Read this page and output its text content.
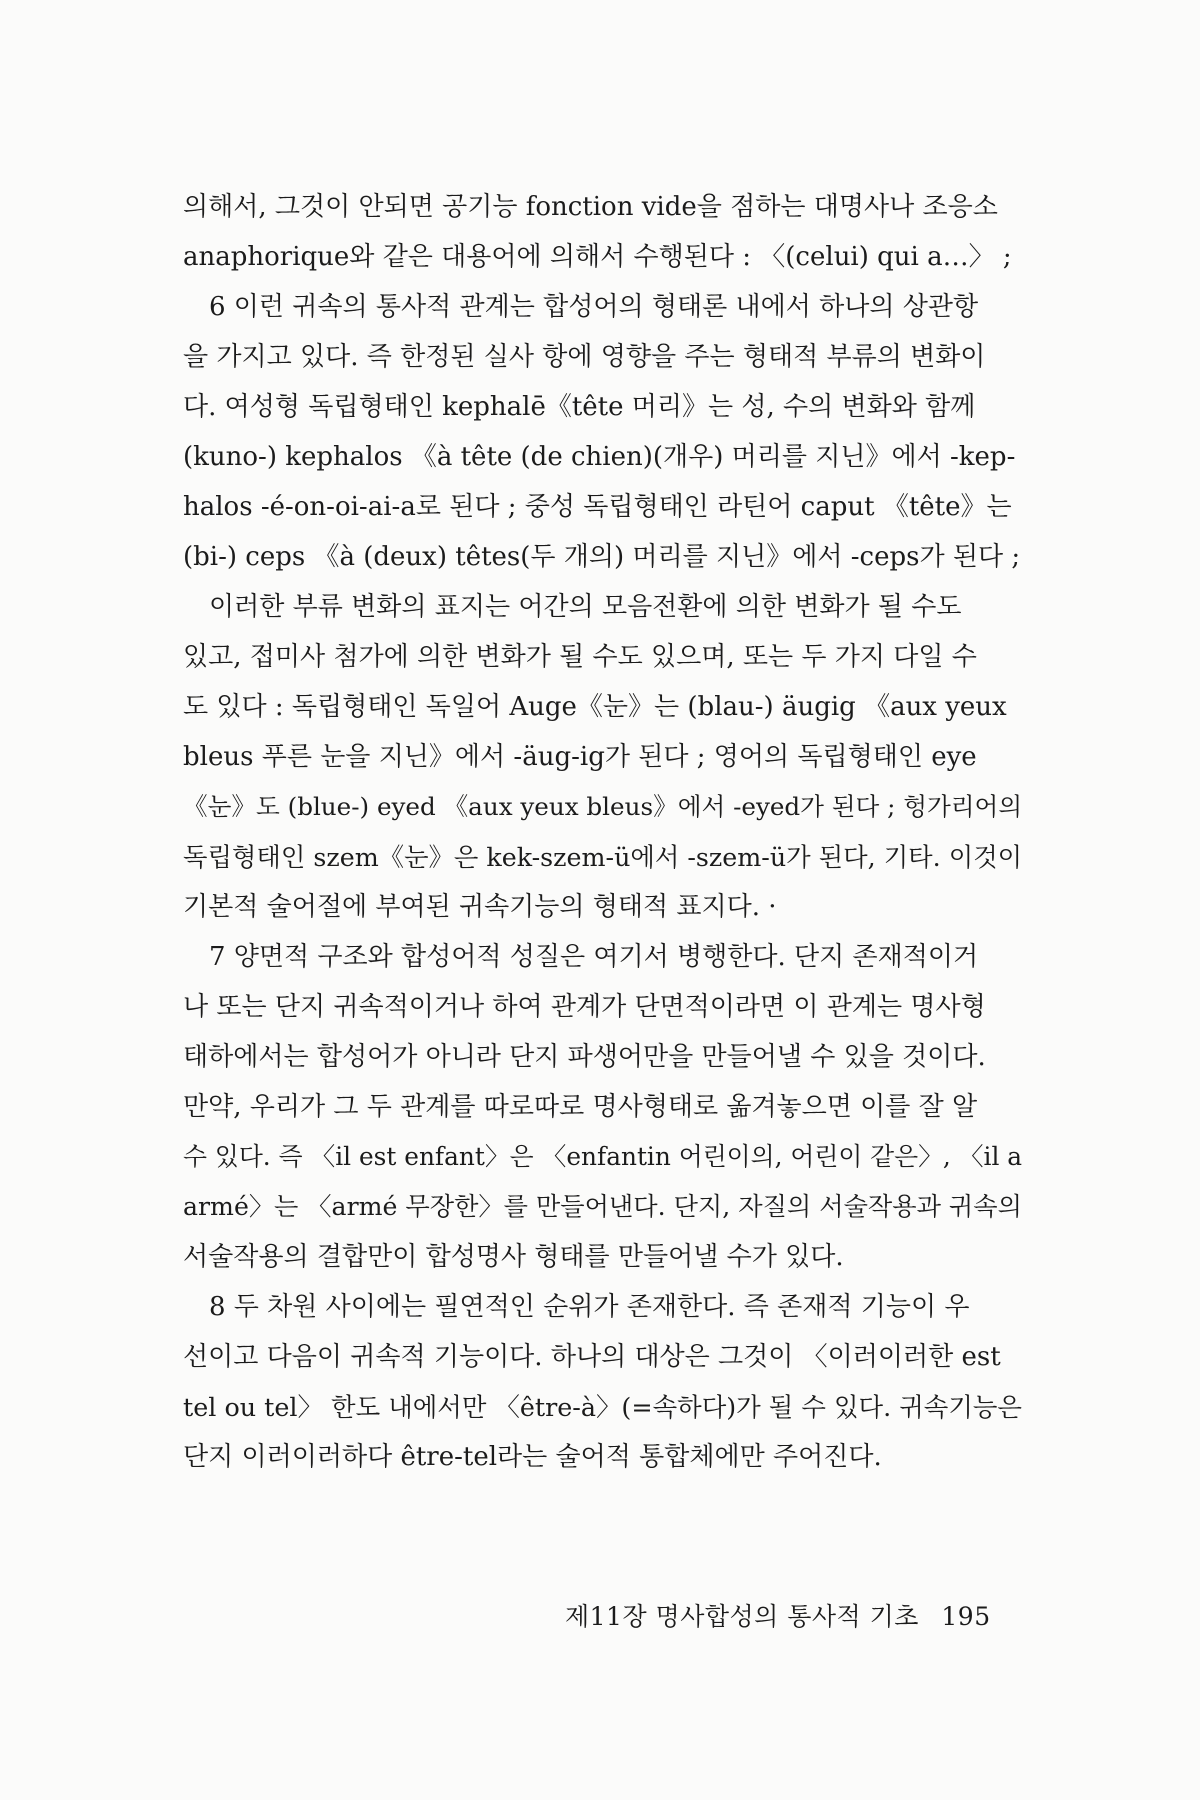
의해서, 그것이 안되면 공기능 fonction vide을 점하는 대명사나 조응소
anaphorique와 같은 대용어에 의해서 수행된다 : 〈(celui) qui a…〉 ;
6 이런 귀속의 통사적 관계는 합성어의 형태론 내에서 하나의 상관항
을 가지고 있다. 즉 한정된 실사 항에 영향을 주는 형태적 부류의 변화이
다. 여성형 독립형태인 kephalē《tête 머리》는 성, 수의 변화와 함께
(kuno-) kephalos 《à tête (de chien)(개우) 머리를 지닌》에서 -kep-
halos -é-on-oi-ai-a로 된다 ; 중성 독립형태인 라틴어 caput 《tête》는
(bi-) ceps 《à (deux) têtes(두 개의) 머리를 지닌》에서 -ceps가 된다 ;
이러한 부류 변화의 표지는 어간의 모음전환에 의한 변화가 될 수도
있고, 접미사 첨가에 의한 변화가 될 수도 있으며, 또는 두 가지 다일 수
도 있다 : 독립형태인 독일어 Auge《눈》는 (blau-) äugig 《aux yeux
bleus 푸른 눈을 지닌》에서 -äug-ig가 된다 ; 영어의 독립형태인 eye
《눈》도 (blue-) eyed 《aux yeux bleus》에서 -eyed가 된다 ; 헝가리어의
독립형태인 szem《눈》은 kek-szem-ü에서 -szem-ü가 된다, 기타. 이것이
기본적 술어절에 부여된 귀속기능의 형태적 표지다. ·
7 양면적 구조와 합성어적 성질은 여기서 병행한다. 단지 존재적이거
나 또는 단지 귀속적이거나 하여 관계가 단면적이라면 이 관계는 명사형
태하에서는 합성어가 아니라 단지 파생어만을 만들어낼 수 있을 것이다.
만약, 우리가 그 두 관계를 따로따로 명사형태로 옮겨놓으면 이를 잘 알
수 있다. 즉 〈il est enfant〉은 〈enfantin 어린이의, 어린이 같은〉, 〈il a
armé〉는 〈armé 무장한〉를 만들어낸다. 단지, 자질의 서술작용과 귀속의
서술작용의 결합만이 합성명사 형태를 만들어낼 수가 있다.
8 두 차원 사이에는 필연적인 순위가 존재한다. 즉 존재적 기능이 우
선이고 다음이 귀속적 기능이다. 하나의 대상은 그것이 〈이러이러한 est
tel ou tel〉 한도 내에서만 〈être-à〉(=속하다)가 될 수 있다. 귀속기능은
단지 이러이러하다 être-tel라는 술어적 통합체에만 주어진다.
제11장 명사합성의 통사적 기초 195
